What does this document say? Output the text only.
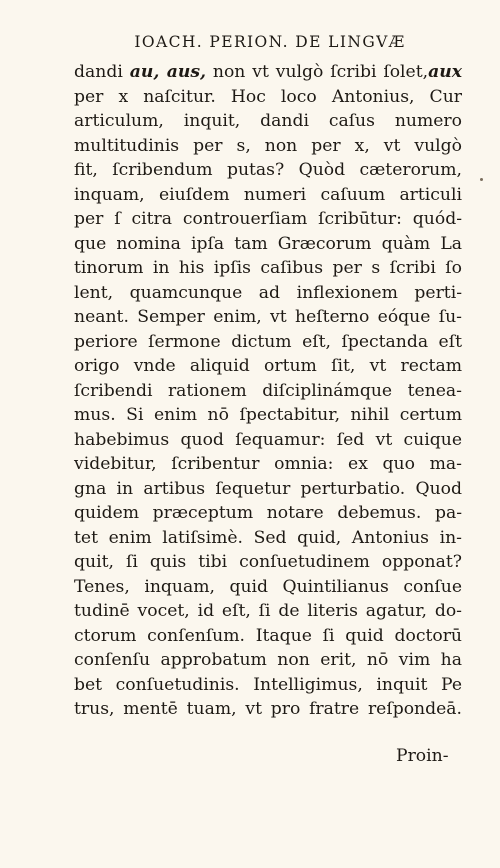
IOACH. PERION. DE LINGVÆ
dandi au, aus, non vt vulgò ſcribi ſolet,aux
per x naſcitur. Hoc loco Antonius, Cur
articulum, inquit, dandi caſus numero
multitudinis per s, non per x, vt vulgò
fit, ſcribendum putas? Quòd cæterorum,
inquam, eiuſdem numeri caſuum articuli
per ſ citra controuerſiam ſcribūtur: quód-
que nomina ipſa tam Græcorum quàm La
tinorum in his ipſis caſibus per s ſcribi ſo
lent, quamcunque ad inflexionem perti-
neant. Semper enim, vt heſterno eóque ſu-
periore ſermone dictum eſt, ſpectanda eſt
origo vnde aliquid ortum ſit, vt rectam
ſcribendi rationem diſciplinámque tenea-
mus. Si enim nō ſpectabitur, nihil certum
habebimus quod ſequamur: ſed vt cuique
videbitur, ſcribentur omnia: ex quo ma-
gna in artibus ſequetur perturbatio. Quod
quidem præceptum notare debemus. pa-
tet enim latiſsimè. Sed quid, Antonius in-
quit, ſi quis tibi conſuetudinem opponat?
Tenes, inquam, quid Quintilianus conſue
tudinē vocet, id eſt, ſi de literis agatur, do-
ctorum conſenſum. Itaque ſi quid doctorū
conſenſu approbatum non erit, nō vim ha
bet conſuetudinis. Intelligimus, inquit Pe
trus, mentē tuam, vt pro fratre reſpondeā.
Proin-
